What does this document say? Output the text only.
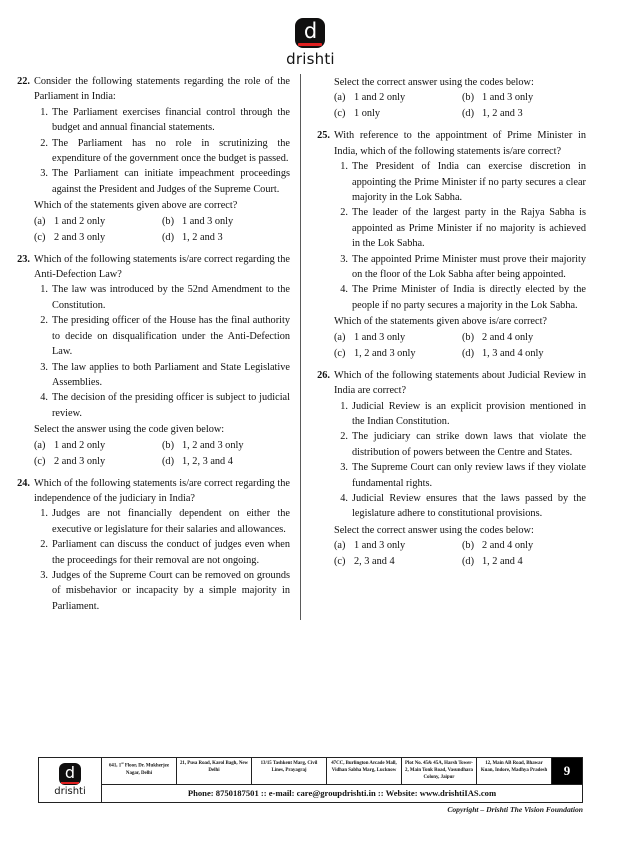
d
drishti
22. Consider the following statements regarding the role of the Parliament in India:
1. The Parliament exercises financial control through the budget and annual financial statements.
2. The Parliament has no role in scrutinizing the expenditure of the government once the budget is passed.
3. The Parliament can initiate impeachment proceedings against the President and Judges of the Supreme Court.
Which of the statements given above are correct?
(a) 1 and 2 only	(b) 1 and 3 only
(c) 2 and 3 only	(d) 1, 2 and 3
23. Which of the following statements is/are correct regarding the Anti-Defection Law?
1. The law was introduced by the 52nd Amendment to the Constitution.
2. The presiding officer of the House has the final authority to decide on disqualification under the Anti-Defection Law.
3. The law applies to both Parliament and State Legislative Assemblies.
4. The decision of the presiding officer is subject to judicial review.
Select the answer using the code given below:
(a) 1 and 2 only	(b) 1, 2 and 3 only
(c) 2 and 3 only	(d) 1, 2, 3 and 4
24. Which of the following statements is/are correct regarding the independence of the judiciary in India?
1. Judges are not financially dependent on either the executive or legislature for their salaries and allowances.
2. Parliament can discuss the conduct of judges even when the proceedings for their removal are not ongoing.
3. Judges of the Supreme Court can be removed on grounds of misbehavior or incapacity by a simple majority in Parliament.
Select the correct answer using the codes below:
(a) 1 and 2 only	(b) 1 and 3 only
(c) 1 only	(d) 1, 2 and 3
25. With reference to the appointment of Prime Minister in India, which of the following statements is/are correct?
1. The President of India can exercise discretion in appointing the Prime Minister if no party secures a clear majority in the Lok Sabha.
2. The leader of the largest party in the Rajya Sabha is appointed as Prime Minister if no majority is achieved in the Lok Sabha.
3. The appointed Prime Minister must prove their majority on the floor of the Lok Sabha after being appointed.
4. The Prime Minister of India is directly elected by the people if no party secures a majority in the Lok Sabha.
Which of the statements given above is/are correct?
(a) 1 and 3 only	(b) 2 and 4 only
(c) 1, 2 and 3 only	(d) 1, 3 and 4 only
26. Which of the following statements about Judicial Review in India are correct?
1. Judicial Review is an explicit provision mentioned in the Indian Constitution.
2. The judiciary can strike down laws that violate the distribution of powers between the Centre and States.
3. The Supreme Court can only review laws if they violate fundamental rights.
4. Judicial Review ensures that the laws passed by the legislature adhere to constitutional provisions.
Select the correct answer using the codes below:
(a) 1 and 3 only	(b) 2 and 4 only
(c) 2, 3 and 4	(d) 1, 2 and 4
d
drishti
641, 1st Floor, Dr. Mukherjee Nagar, Delhi
21, Pusa Road, Karol Bagh, New Delhi
13/15 Tashkent Marg, Civil Lines, Prayagraj
47CC, Burlington Arcade Mall, Vidhan Sabha Marg, Lucknow
Plot No. 45& 45A, Harsh Tower-2, Main Tonk Road, Vasundhara Colony, Jaipur
12, Main AB Road, Bhawar Kuan, Indore, Madhya Pradesh	9
Phone: 8750187501 :: e-mail: care@groupdrishti.in :: Website: www.drishtiIAS.com
Copyright – Drishti The Vision Foundation
